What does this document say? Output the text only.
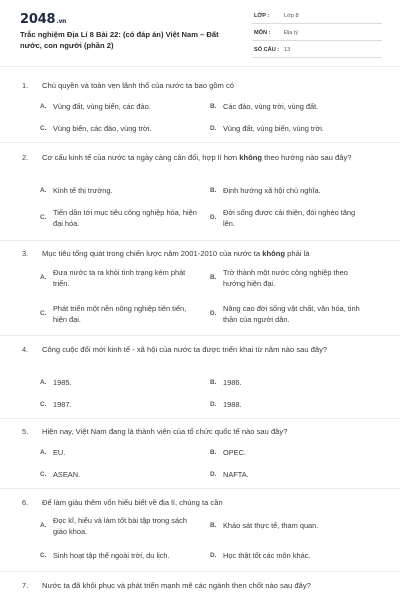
2048.vn
Trắc nghiệm Địa Lí 8 Bài 22: (có đáp án) Việt Nam – Đất nước, con người (phần 2)
LỚP :	Lớp 8
MÔN : Địa lý
SỐ CÂU : 13
1. Chủ quyền và toàn vẹn lãnh thổ của nước ta bao gồm có
A. Vùng đất, vùng biển, các đảo.	B. Các đảo, vùng trời, vùng đất.
C. Vùng biển, các đảo, vùng trời.	D. Vùng đất, vùng biển, vùng trời.
2. Cơ cấu kinh tế của nước ta ngày càng cân đối, hợp lí hơn không theo hướng nào sau đây?
A. Kinh tế thị trường.	B. Định hướng xã hội chủ nghĩa.
C.
Tiến dần tới mục tiêu công nghiệp hóa, hiện đại hóa.
D.
Đời sống được cải thiện, đói nghèo tăng lên.
3. Mục tiêu tổng quát trong chiến lược năm 2001-2010 của nước ta không phải là
A.
Đưa nước ta ra khỏi tình trạng kém phát triển.
B.
Trở thành một nước công nghiệp theo hướng hiện đại.
C.
Phát triển một nền nông nghiệp tiên tiến, hiện đại.
D.
Nâng cao đời sống vật chất, văn hóa, tinh thần của người dân.
4. Công cuộc đổi mới kinh tế - xã hội của nước ta được triển khai từ năm nào sau đây?
A. 1985.	B. 1986.
C. 1987.	D. 1988.
5. Hiện nay, Việt Nam đang là thành viên của tổ chức quốc tế nào sau đây?
A. EU.	B. OPEC.
C. ASEAN.	D. NAFTA.
6. Để làm giàu thêm vốn hiểu biết về địa lí, chúng ta cần
A.
Đọc kĩ, hiểu và làm tốt bài tập trong sách giáo khoa.
B. Khảo sát thực tế, tham quan.
C. Sinh hoạt tập thể ngoài trời, du lịch.	D. Học thật tốt các môn khác.
7. Nước ta đã khôi phục và phát triển mạnh mẽ các ngành then chốt nào sau đây?
